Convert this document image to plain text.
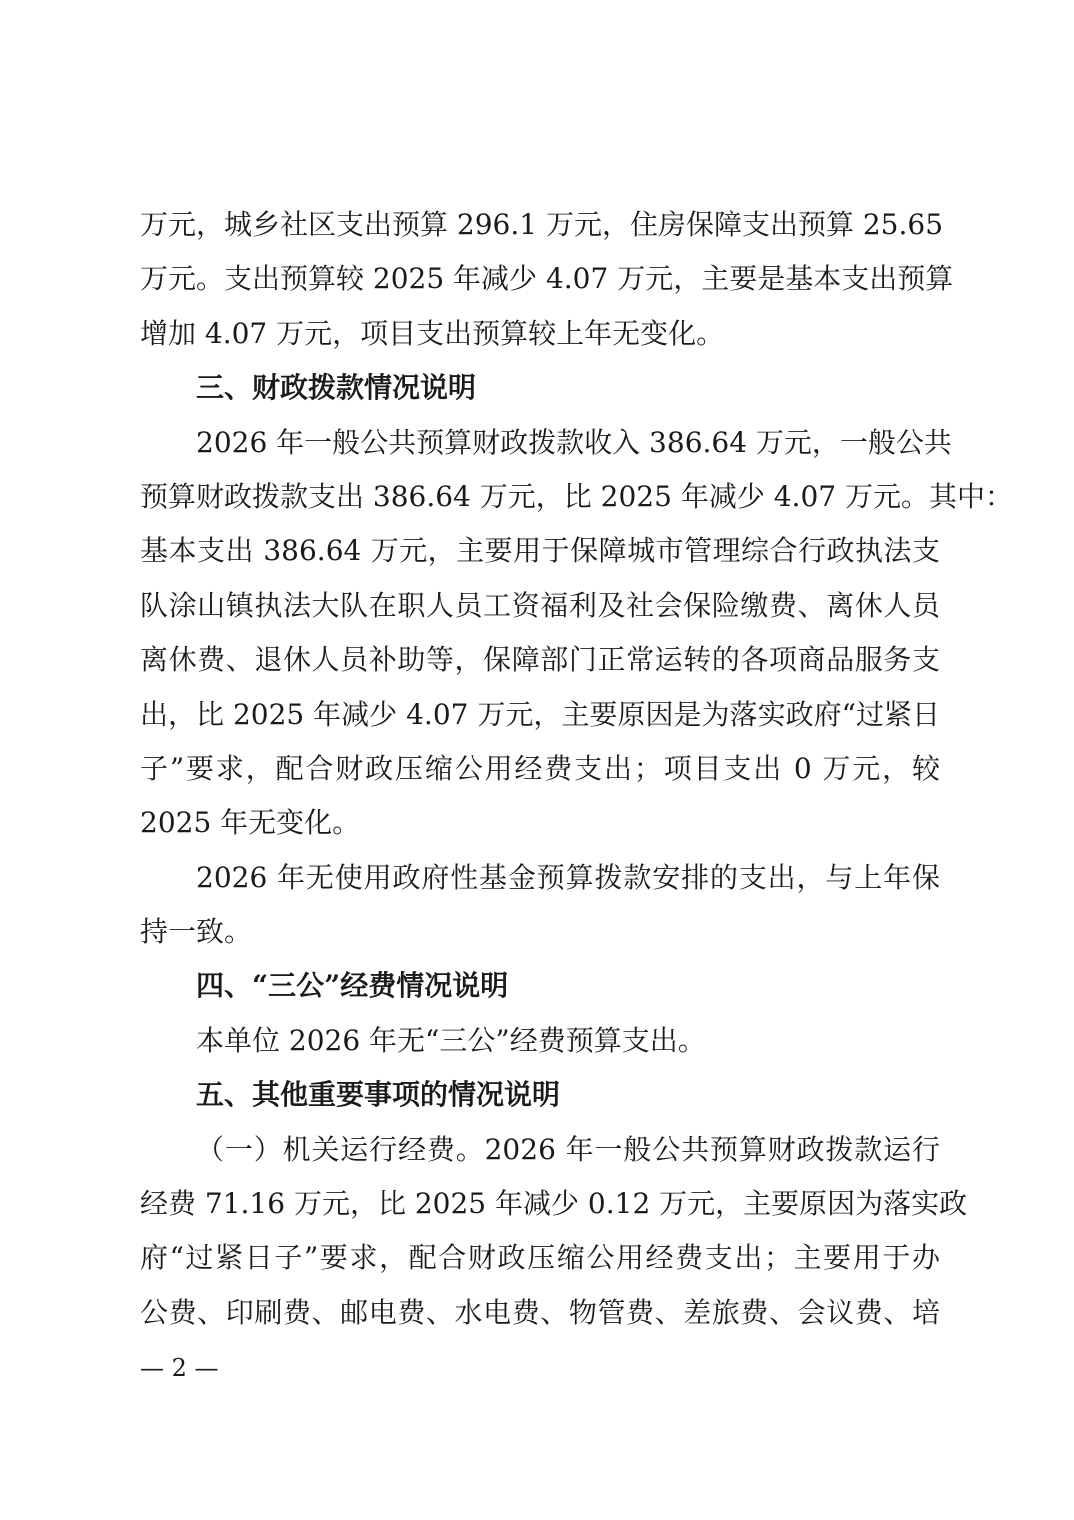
万元，城乡社区支出预算 296.1 万元，住房保障支出预算 25.65
万元。支出预算较 2025 年减少 4.07 万元，主要是基本支出预算
增加 4.07 万元，项目支出预算较上年无变化。
三、财政拨款情况说明
2026 年一般公共预算财政拨款收入 386.64 万元，一般公共
预算财政拨款支出 386.64 万元，比 2025 年减少 4.07 万元。其中：
基本支出 386.64 万元，主要用于保障城市管理综合行政执法支
队涂山镇执法大队在职人员工资福利及社会保险缴费、离休人员
离休费、退休人员补助等，保障部门正常运转的各项商品服务支
出，比 2025 年减少 4.07 万元，主要原因是为落实政府“过紧日
子”要求，配合财政压缩公用经费支出；项目支出 0 万元，较
2025 年无变化。
2026 年无使用政府性基金预算拨款安排的支出，与上年保
持一致。
四、“三公”经费情况说明
本单位 2026 年无“三公”经费预算支出。
五、其他重要事项的情况说明
（一）机关运行经费。2026 年一般公共预算财政拨款运行
经费 71.16 万元，比 2025 年减少 0.12 万元，主要原因为落实政
府“过紧日子”要求，配合财政压缩公用经费支出；主要用于办
公费、印刷费、邮电费、水电费、物管费、差旅费、会议费、培
— 2 —
